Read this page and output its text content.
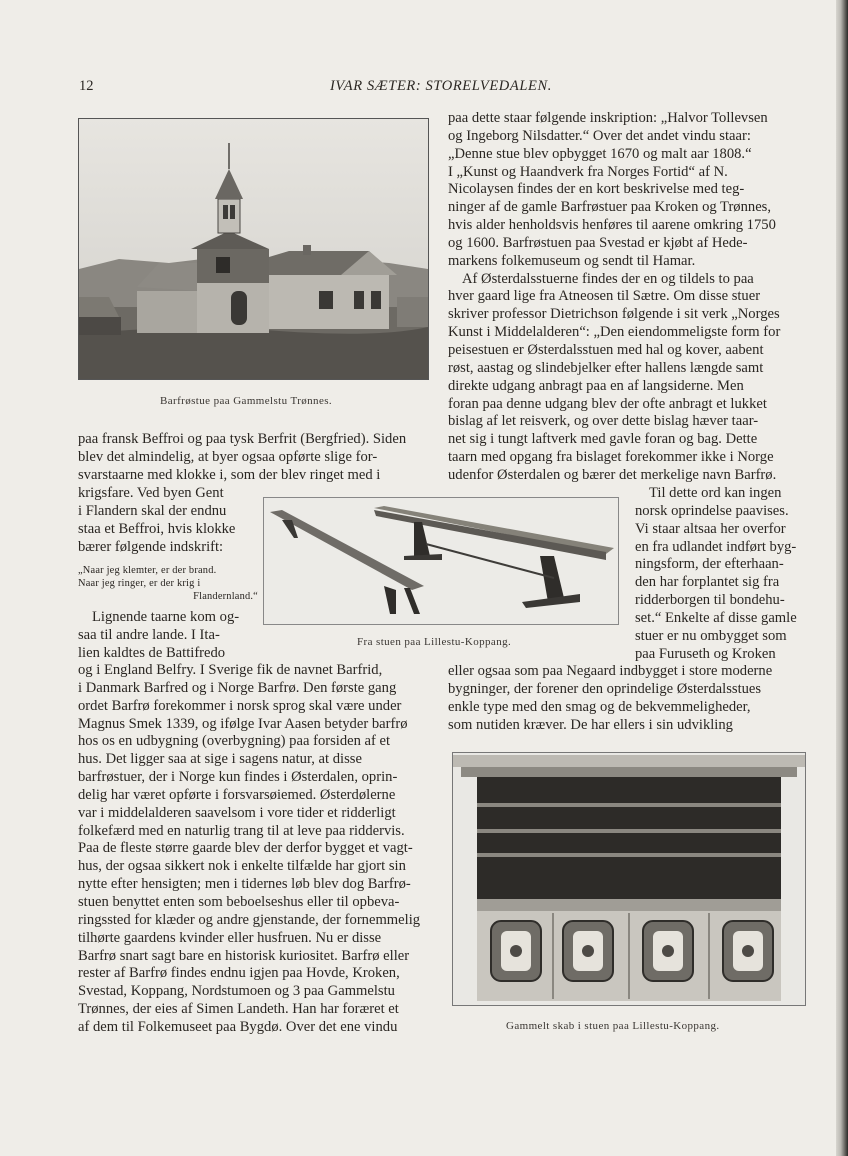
12	IVAR SÆTER: STORELVEDALEN.
Barfrøstue paa Gammelstu Trønnes.
Fra stuen paa Lillestu-Koppang.
Gammelt skab i stuen paa Lillestu-Koppang.

paa dette staar følgende inskription: „Halvor Tollevsen

og Ingeborg Nilsdatter.“ Over det andet vindu staar:

„Denne stue blev opbygget 1670 og malt aar 1808.“

I „Kunst og Haandverk fra Norges Fortid“ af N.

Nicolaysen findes der en kort beskrivelse med teg-

ninger af de gamle Barfrøstuer paa Kroken og Trønnes,

hvis alder henholdsvis henføres til aarene omkring 1750

og 1600. Barfrøstuen paa Svestad er kjøbt af Hede-

markens folkemuseum og sendt til Hamar.

Af Østerdalsstuerne findes der en og tildels to paa

hver gaard lige fra Atneosen til Sætre. Om disse stuer

skriver professor Dietrichson følgende i sit verk „Norges

Kunst i Middelalderen“: „Den eiendommeligste form for

peisestuen er Østerdalsstuen med hal og kover, aabent

røst, aastag og slindebjelker efter hallens længde samt

direkte udgang anbragt paa en af langsiderne. Men

foran paa denne udgang blev der ofte anbragt et lukket

bislag af let reisverk, og over dette bislag hæver taar-

net sig i tungt laftverk med gavle foran og bag. Dette

taarn med opgang fra bislaget forekommer ikke i Norge

udenfor Østerdalen og bærer det merkelige navn Barfrø.

Til dette ord kan ingen

norsk oprindelse paavises.

Vi staar altsaa her overfor

en fra udlandet indført byg-

ningsform, der efterhaan-

den har forplantet sig fra

ridderborgen til bondehu-

set.“ Enkelte af disse gamle

stuer er nu ombygget som

paa Furuseth og Kroken

eller ogsaa som paa Negaard indbygget i store moderne

bygninger, der forener den oprindelige Østerdalsstues

enkle type med den smag og de bekvemmeligheder,

som nutiden kræver. De har ellers i sin udvikling

paa fransk Beffroi og paa tysk Berfrit (Bergfried). Siden

blev det almindelig, at byer ogsaa opførte slige for-

svarstaarne med klokke i, som der blev ringet med i

krigsfare. Ved byen Gent

i Flandern skal der endnu

staa et Beffroi, hvis klokke

bærer følgende indskrift:

„Naar jeg klemter, er der brand.
Naar jeg ringer, er der krig i
Flandernland.“

Lignende taarne kom og-

saa til andre lande. I Ita-

lien kaldtes de Battifredo

og i England Belfry. I Sverige fik de navnet Barfrid,

i Danmark Barfred og i Norge Barfrø. Den første gang

ordet Barfrø forekommer i norsk sprog skal være under

Magnus Smek 1339, og ifølge Ivar Aasen betyder barfrø

hos os en udbygning (overbygning) paa forsiden af et

hus. Det ligger saa at sige i sagens natur, at disse

barfrøstuer, der i Norge kun findes i Østerdalen, oprin-

delig har været opførte i forsvarsøiemed. Østerdølerne

var i middelalderen saavelsom i vore tider et ridderligt

folkefærd med en naturlig trang til at leve paa riddervis.

Paa de fleste større gaarde blev der derfor bygget et vagt-

hus, der ogsaa sikkert nok i enkelte tilfælde har gjort sin

nytte efter hensigten; men i tidernes løb blev dog Barfrø-

stuen benyttet enten som beboelseshus eller til opbeva-

ringssted for klæder og andre gjenstande, der fornemmelig

tilhørte gaardens kvinder eller husfruen. Nu er disse

Barfrø snart sagt bare en historisk kuriositet. Barfrø eller

rester af Barfrø findes endnu igjen paa Hovde, Kroken,

Svestad, Koppang, Nordstumoen og 3 paa Gammelstu

Trønnes, der eies af Simen Landeth. Han har foræret et

af dem til Folkemuseet paa Bygdø. Over det ene vindu
